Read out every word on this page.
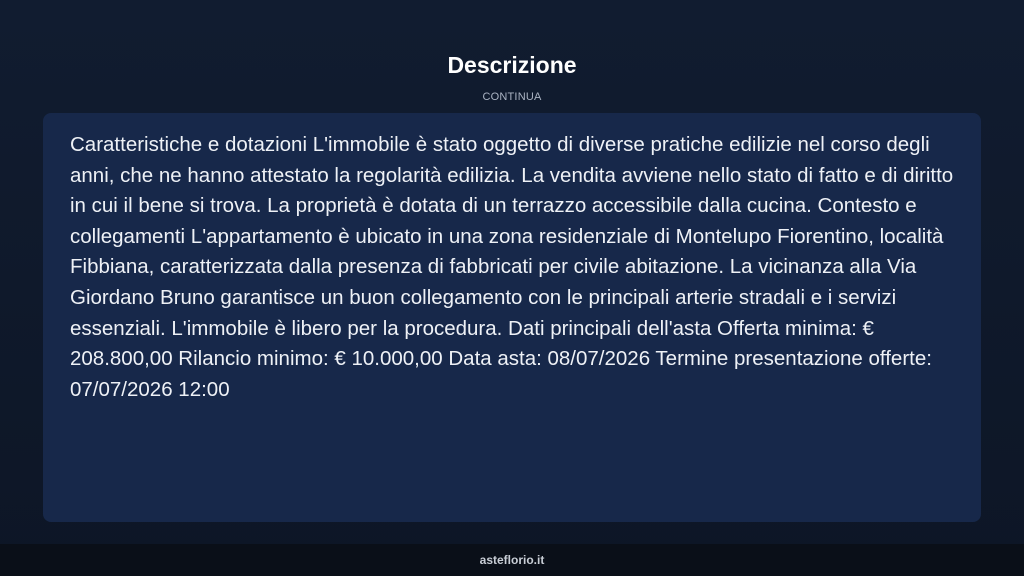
Descrizione
CONTINUA

Caratteristiche e dotazioni L'immobile è stato oggetto di diverse pratiche edilizie nel corso degli anni, che ne hanno attestato la regolarità edilizia. La vendita avviene nello stato di fatto e di diritto in cui il bene si trova. La proprietà è dotata di un terrazzo accessibile dalla cucina. Contesto e collegamenti L'appartamento è ubicato in una zona residenziale di Montelupo Fiorentino, località Fibbiana, caratterizzata dalla presenza di fabbricati per civile abitazione. La vicinanza alla Via Giordano Bruno garantisce un buon collegamento con le principali arterie stradali e i servizi essenziali. L'immobile è libero per la procedura. Dati principali dell'asta Offerta minima: € 208.800,00 Rilancio minimo: € 10.000,00 Data asta: 08/07/2026 Termine presentazione offerte: 07/07/2026 12:00

asteflorio.it
